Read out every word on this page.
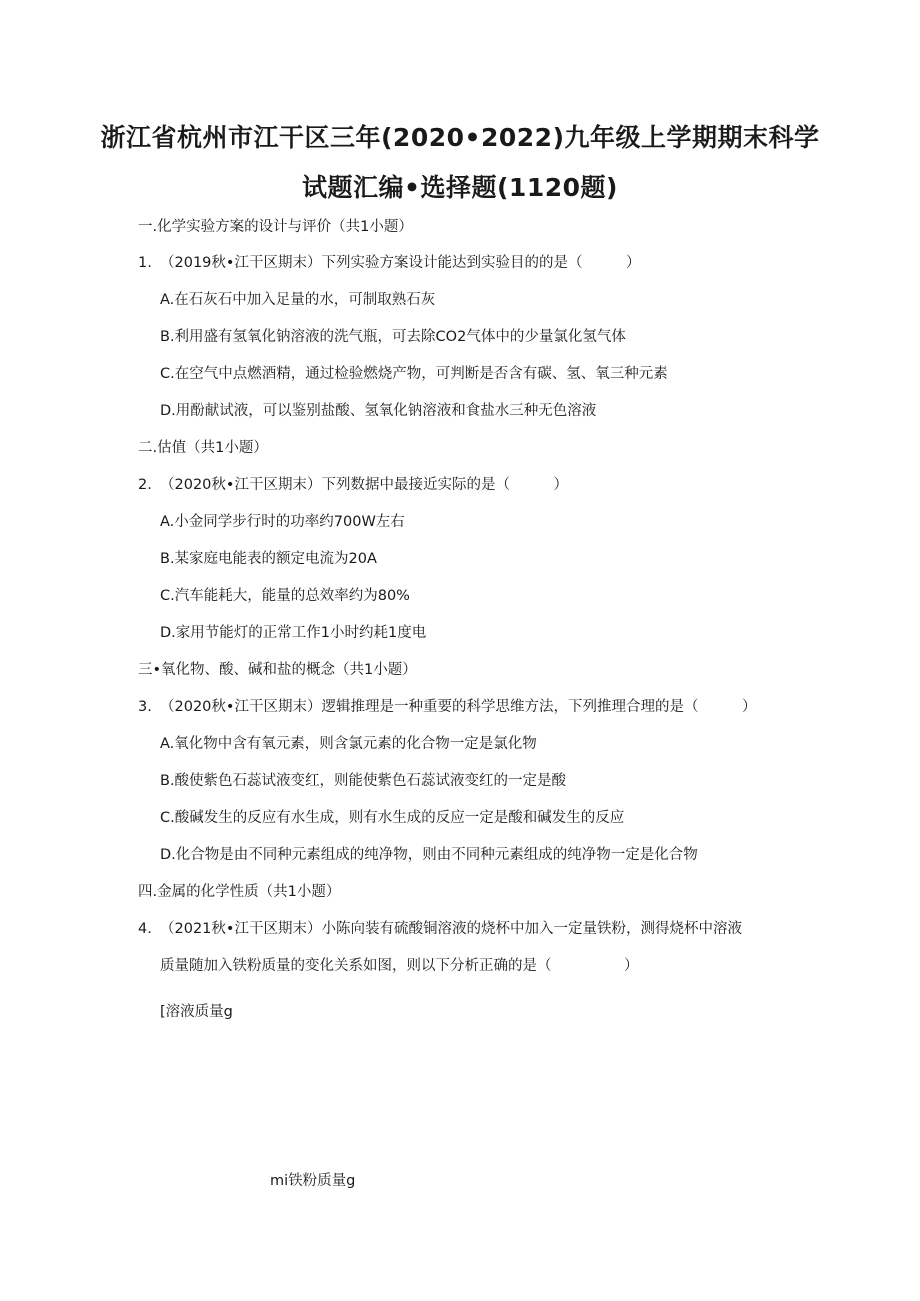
浙江省杭州市江干区三年(2020•2022)九年级上学期期末科学
试题汇编•选择题(1120题)
一.化学实验方案的设计与评价（共1小题）
1. （2019秋•江干区期末）下列实验方案设计能达到实验目的的是（　　　）
A.在石灰石中加入足量的水，可制取熟石灰
B.利用盛有氢氧化钠溶液的洗气瓶，可去除CO2气体中的少量氯化氢气体
C.在空气中点燃酒精，通过检验燃烧产物，可判断是否含有碳、氢、氧三种元素
D.用酚献试液，可以鉴别盐酸、氢氧化钠溶液和食盐水三种无色溶液
二.估值（共1小题）
2. （2020秋•江干区期末）下列数据中最接近实际的是（　　　）
A.小金同学步行时的功率约700W左右
B.某家庭电能表的额定电流为20A
C.汽车能耗大，能量的总效率约为80%
D.家用节能灯的正常工作1小时约耗1度电
三•氧化物、酸、碱和盐的概念（共1小题）
3. （2020秋•江干区期末）逻辑推理是一种重要的科学思维方法，下列推理合理的是（　　　）
A.氧化物中含有氧元素，则含氯元素的化合物一定是氯化物
B.酸使紫色石蕊试液变红，则能使紫色石蕊试液变红的一定是酸
C.酸碱发生的反应有水生成，则有水生成的反应一定是酸和碱发生的反应
D.化合物是由不同种元素组成的纯净物，则由不同种元素组成的纯净物一定是化合物
四.金属的化学性质（共1小题）
4. （2021秋•江干区期末）小陈向装有硫酸铜溶液的烧杯中加入一定量铁粉，测得烧杯中溶液
质量随加入铁粉质量的变化关系如图，则以下分析正确的是（　　　　　）
[溶液质量g
mi铁粉质量g
